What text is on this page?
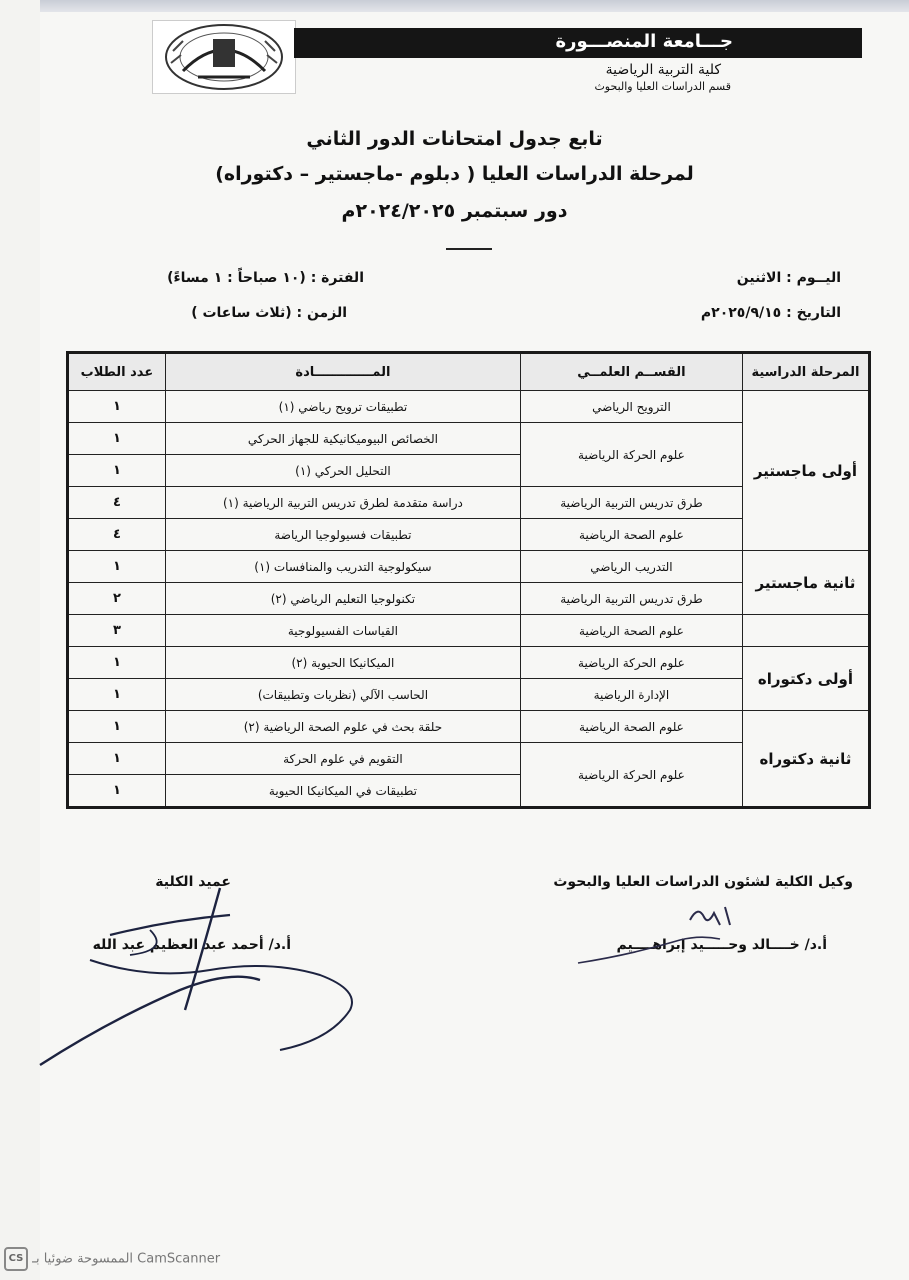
جـــامعة المنصـــورة
كلية التربية الرياضية
قسم الدراسات العليا والبحوث
تابع جدول امتحانات الدور الثاني
لمرحلة الدراسات العليا ( دبلوم -ماجستير – دكتوراه)
دور سبتمبر ٢٠٢٤/٢٠٢٥م
اليــوم : الاثنين
التاريخ : ٢٠٢٥/٩/١٥م
الفترة : (١٠ صباحاً : ١ مساءً)
الزمن : (ثلاث ساعات )
المرحلة الدراسية	القســم العلمــي	المـــــــــــــادة	عدد الطلاب
أولى ماجستير	الترويح الرياضي	تطبيقات ترويح رياضي (١)	١
	علوم الحركة الرياضية	الخصائص البيوميكانيكية للجهاز الحركي	١
		التحليل الحركي (١)	١
	طرق تدريس التربية الرياضية	دراسة متقدمة لطرق تدريس التربية الرياضية (١)	٤
	علوم الصحة الرياضية	تطبيقات فسيولوجيا الرياضة	٤
ثانية ماجستير	التدريب الرياضي	سيكولوجية التدريب والمنافسات (١)	١
	طرق تدريس التربية الرياضية	تكنولوجيا التعليم الرياضي (٢)	٢
	علوم الصحة الرياضية	القياسات الفسيولوجية	٣
أولى دكتوراه	علوم الحركة الرياضية	الميكانيكا الحيوية (٢)	١
	الإدارة الرياضية	الحاسب الآلي (نظريات وتطبيقات)	١
ثانية دكتوراه	علوم الصحة الرياضية	حلقة بحث في علوم الصحة الرياضية (٢)	١
	علوم الحركة الرياضية	التقويم في علوم الحركة	١
		تطبيقات في الميكانيكا الحيوية	١
وكيل الكلية لشئون الدراسات العليا والبحوث
أ.د/ خــــالد وحـــــيد إبراهــــيم
عميد الكلية
أ.د/ أحمد عبد العظيم عبد الله
CS الممسوحة ضوئيا بـ CamScanner
